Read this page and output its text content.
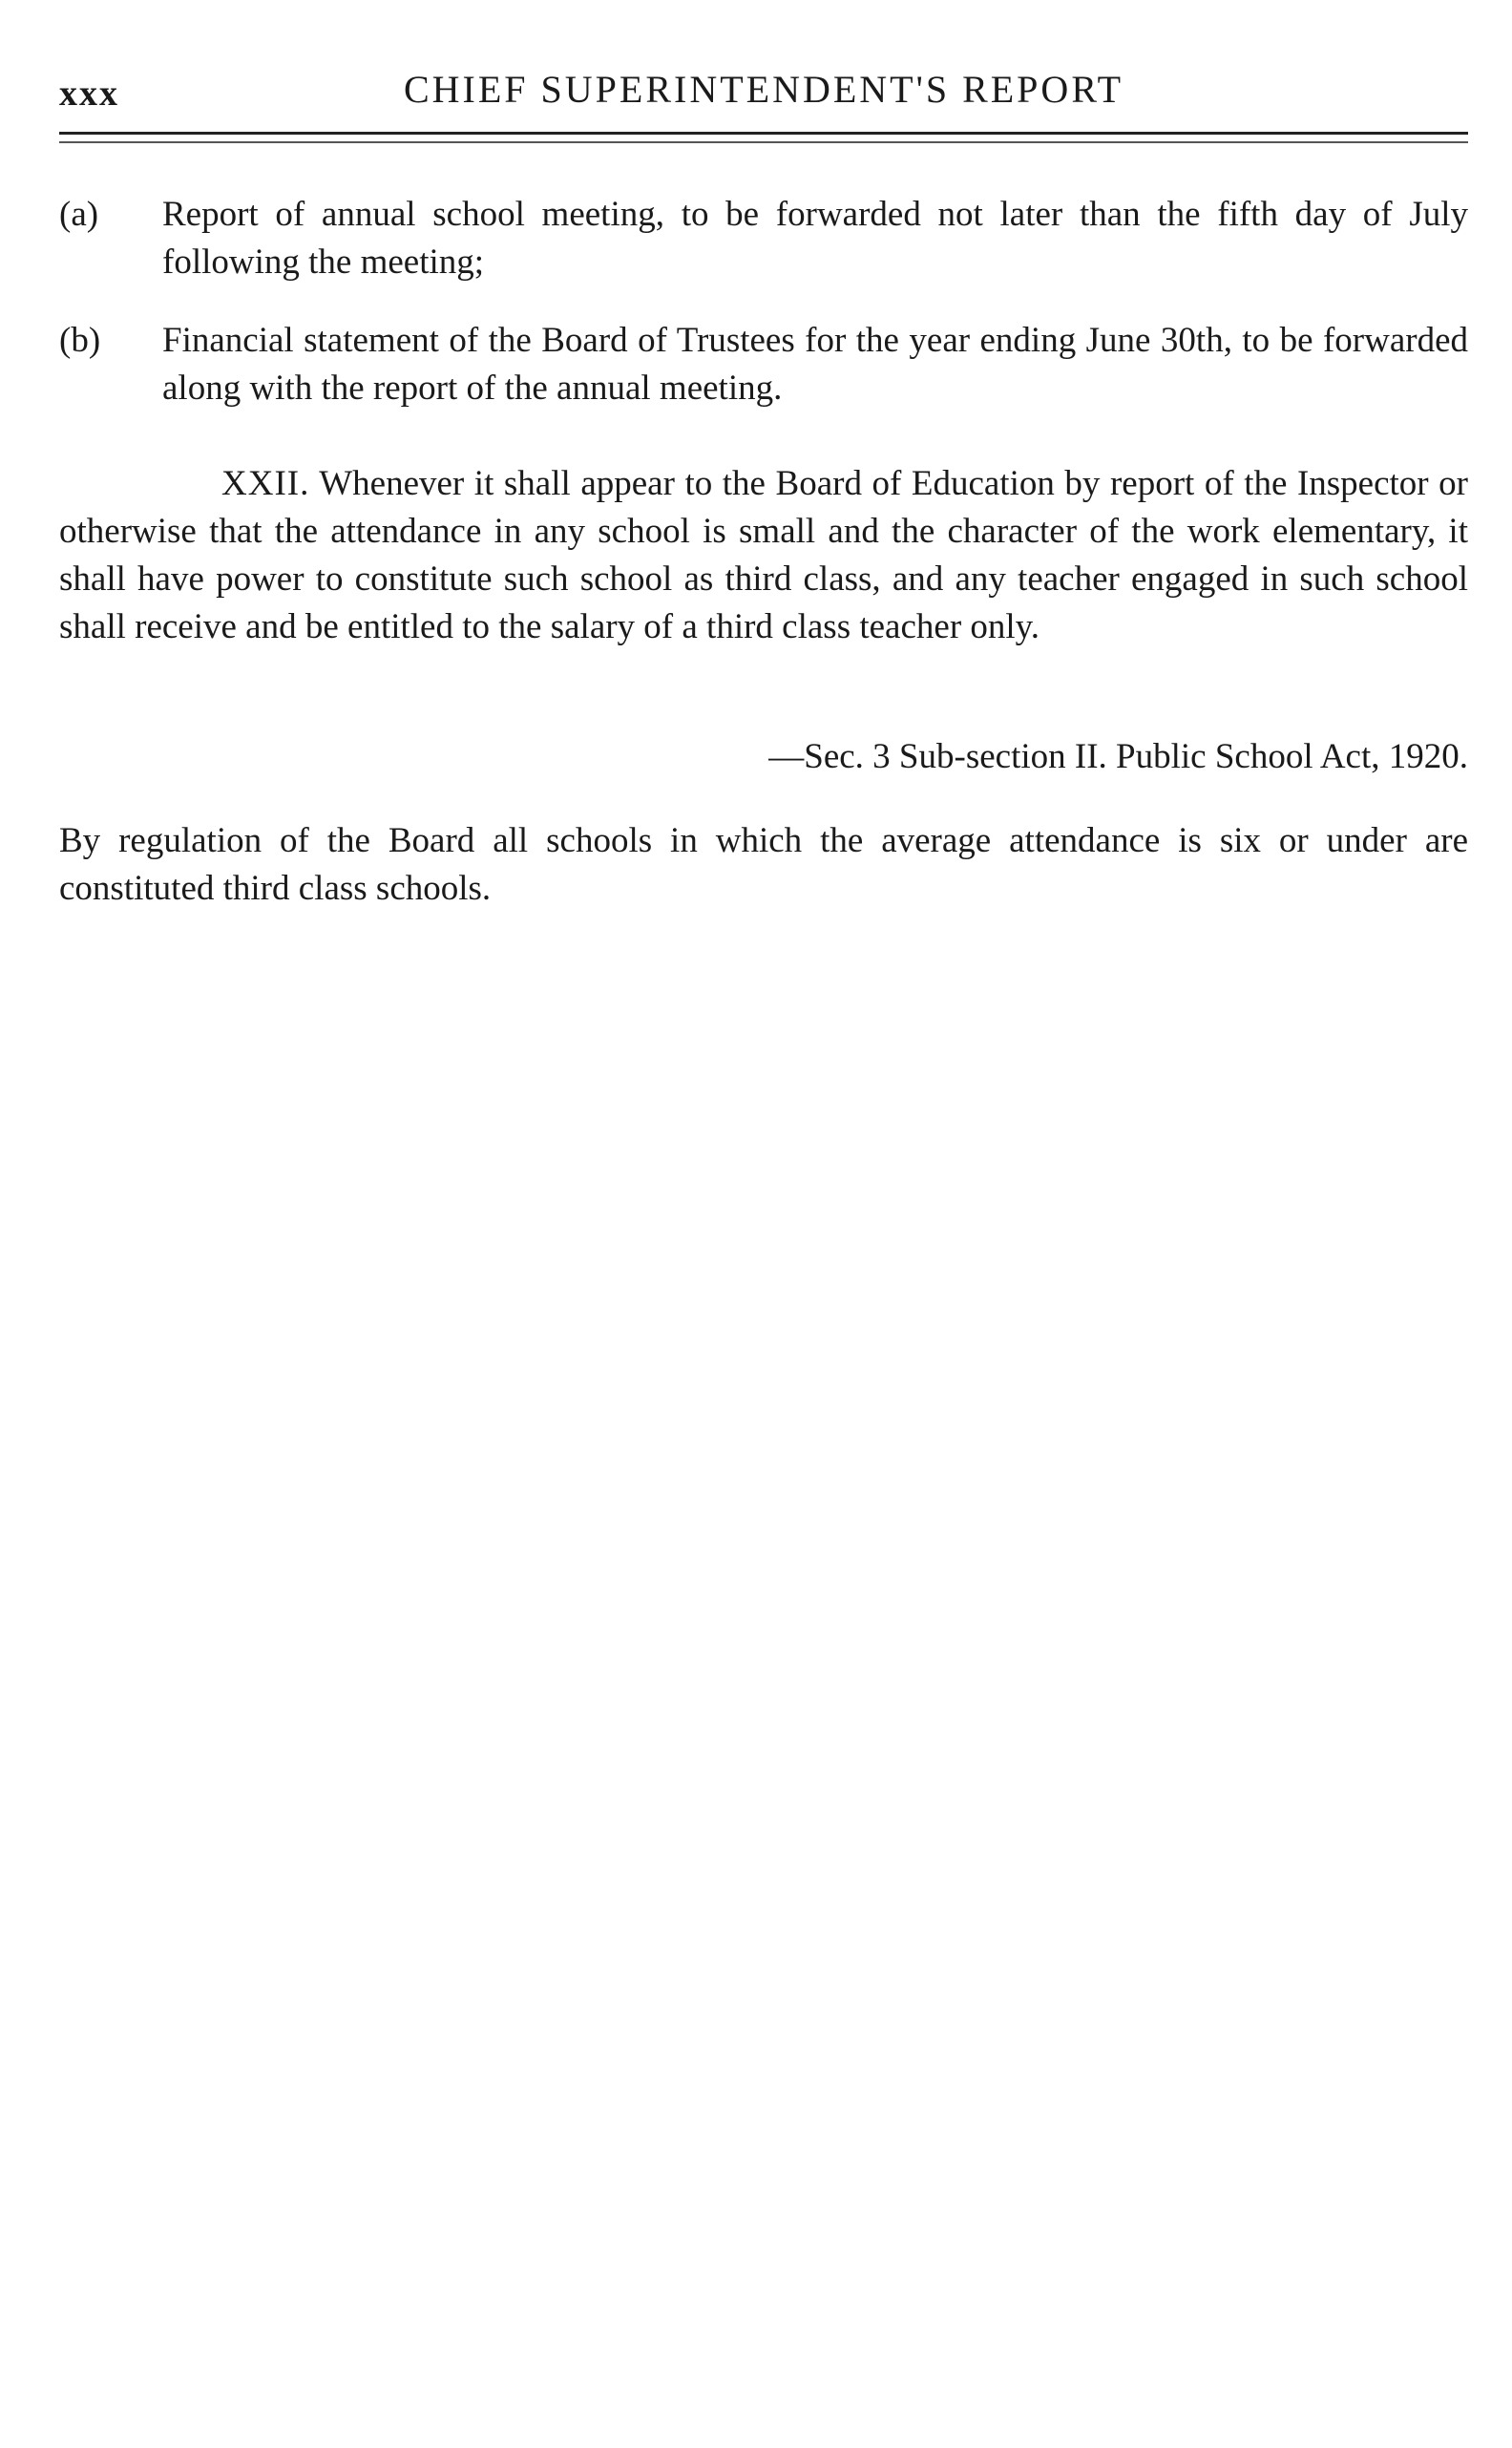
xxx	CHIEF SUPERINTENDENT'S REPORT
(a)	Report of annual school meeting, to be forwarded not later than the fifth day of July following the meeting;
(b)	Financial statement of the Board of Trustees for the year ending June 30th, to be forwarded along with the report of the annual meeting.
XXII. Whenever it shall appear to the Board of Education by report of the Inspector or otherwise that the attendance in any school is small and the character of the work elementary, it shall have power to constitute such school as third class, and any teacher engaged in such school shall receive and be entitled to the salary of a third class teacher only.
—Sec. 3 Sub-section II. Public School Act, 1920.
By regulation of the Board all schools in which the average attendance is six or under are constituted third class schools.
